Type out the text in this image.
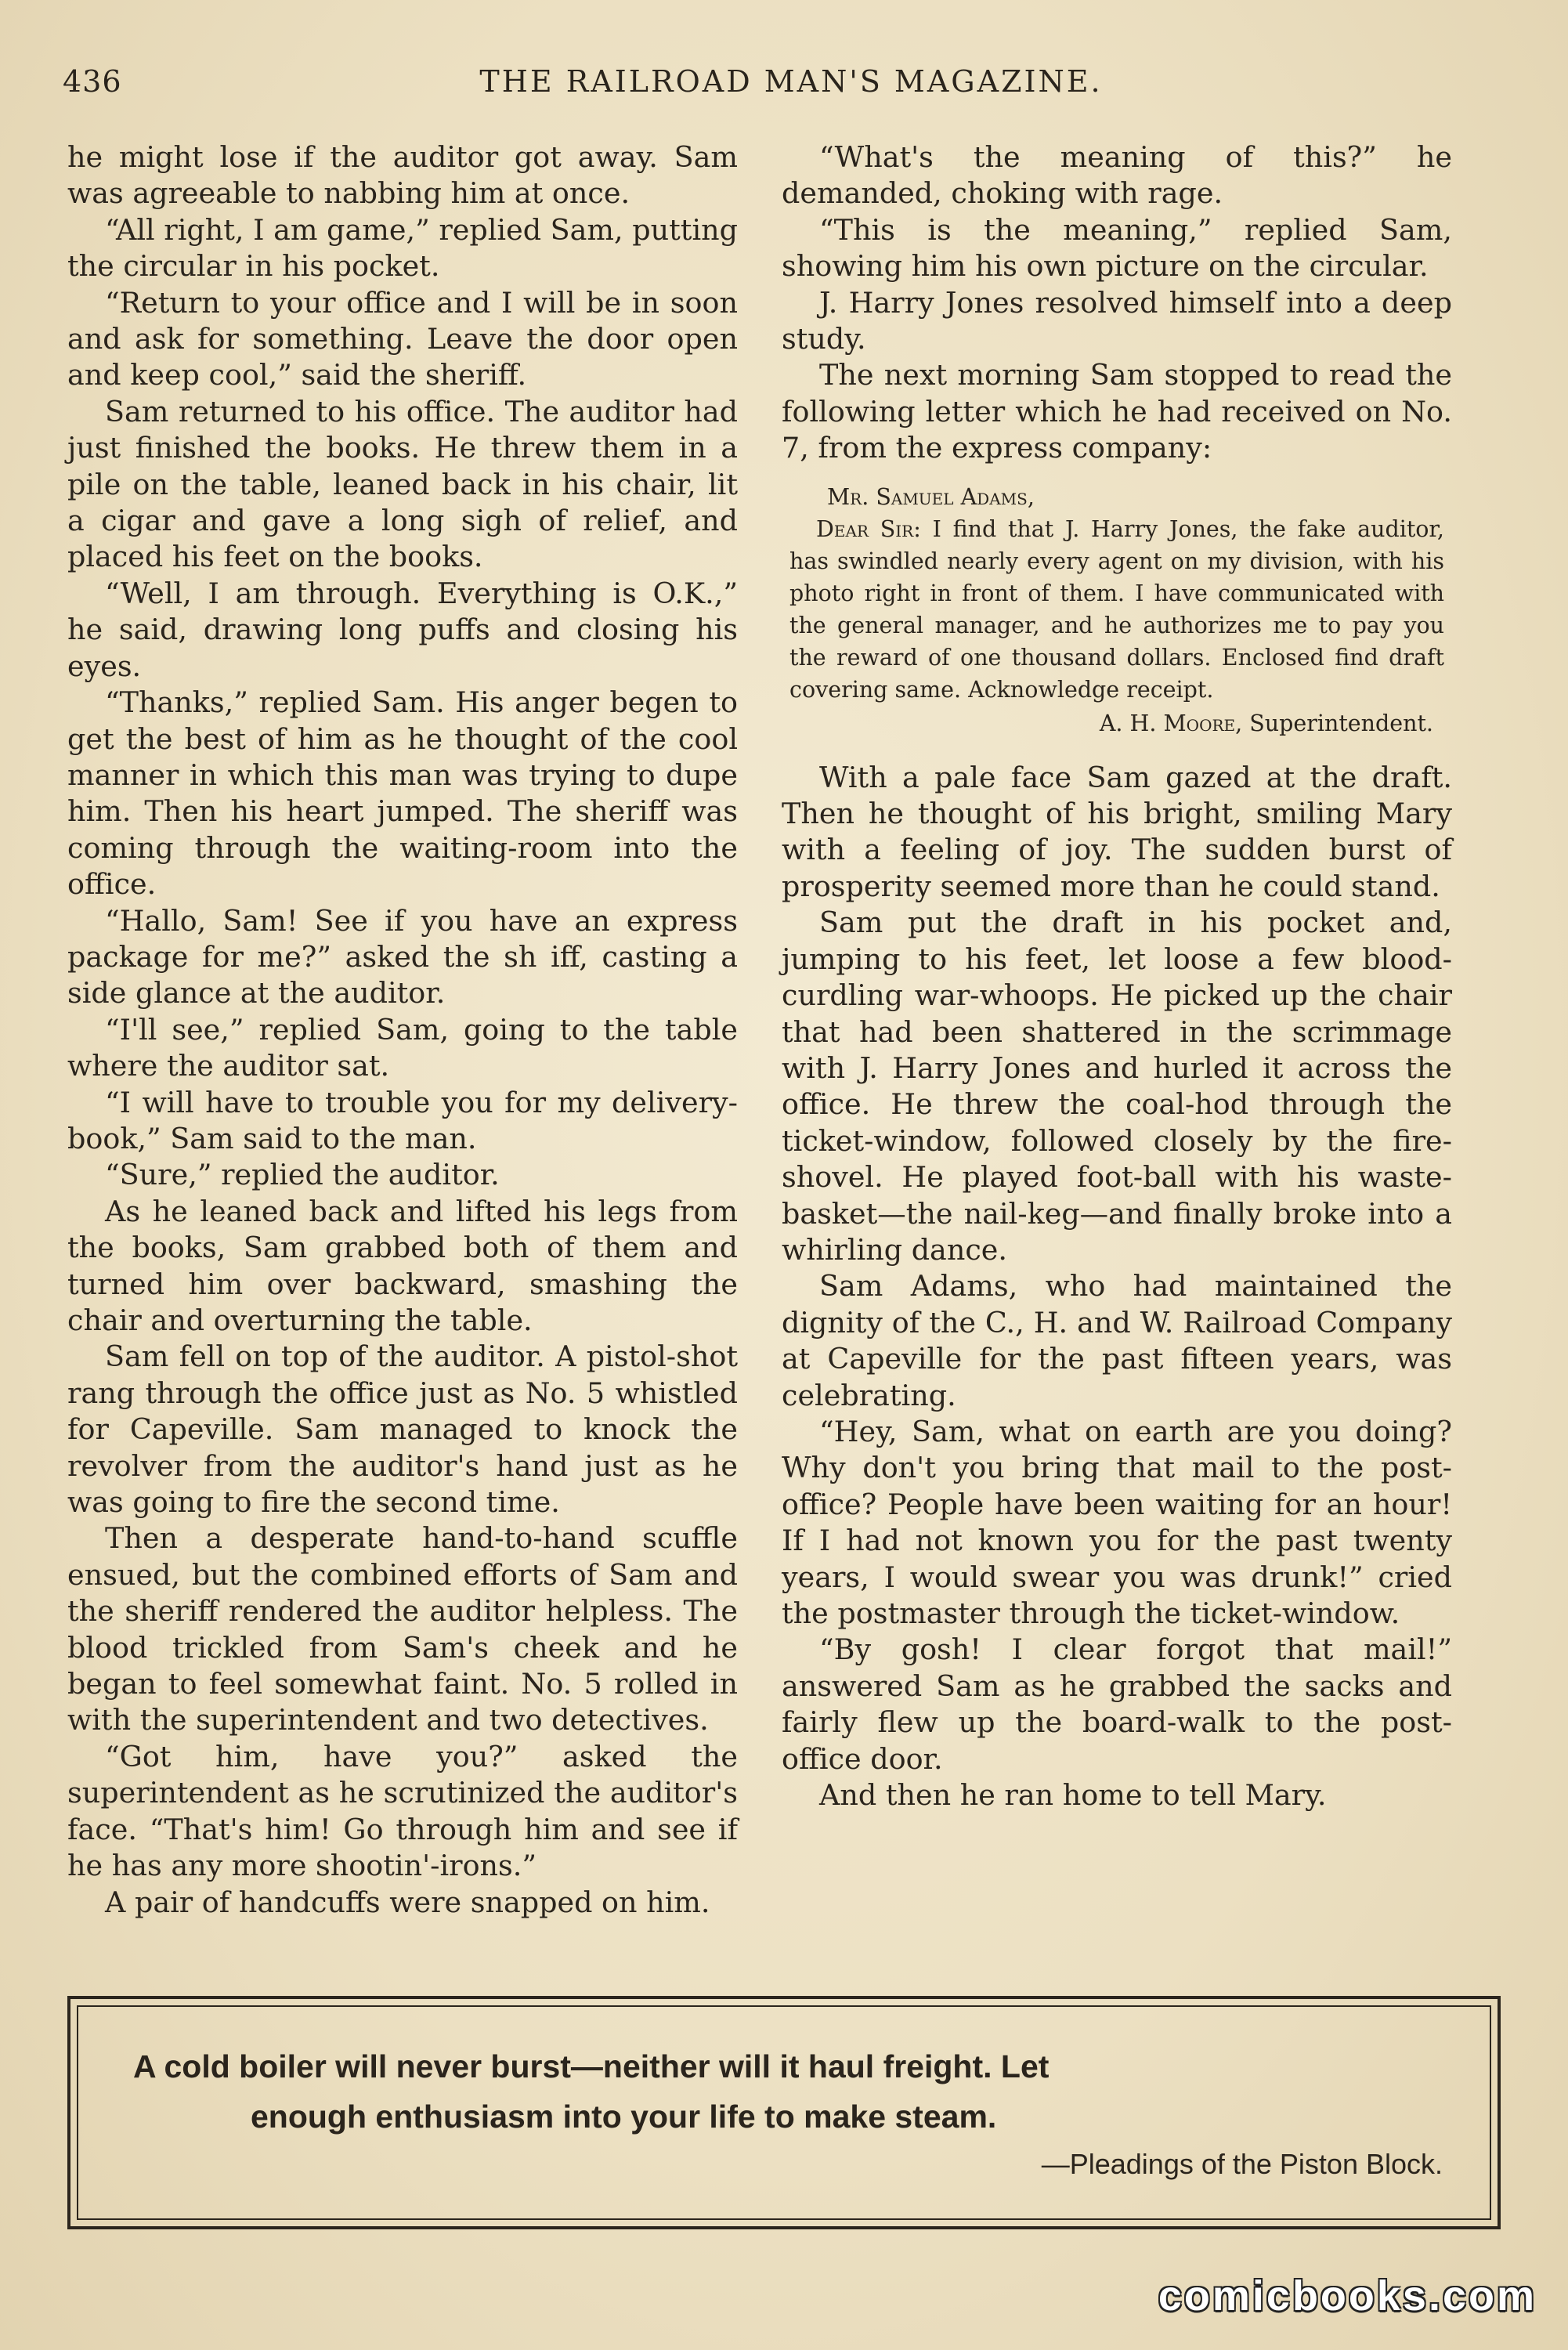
436	THE RAILROAD MAN'S MAGAZINE.

he might lose if the auditor got away. Sam was agreeable to nabbing him at once.

“All right, I am game,” replied Sam, putting the circular in his pocket.

“Return to your office and I will be in soon and ask for something. Leave the door open and keep cool,” said the sheriff.

Sam returned to his office. The auditor had just finished the books. He threw them in a pile on the table, leaned back in his chair, lit a cigar and gave a long sigh of relief, and placed his feet on the books.

“Well, I am through. Everything is O.K.,” he said, drawing long puffs and closing his eyes.

“Thanks,” replied Sam. His anger begen to get the best of him as he thought of the cool manner in which this man was trying to dupe him. Then his heart jumped. The sheriff was coming through the waiting-room into the office.

“Hallo, Sam! See if you have an express package for me?” asked the sh iff, casting a side glance at the auditor.

“I'll see,” replied Sam, going to the table where the auditor sat.

“I will have to trouble you for my delivery-book,” Sam said to the man.

“Sure,” replied the auditor.

As he leaned back and lifted his legs from the books, Sam grabbed both of them and turned him over backward, smashing the chair and overturning the table.

Sam fell on top of the auditor. A pistol-shot rang through the office just as No. 5 whistled for Capeville. Sam managed to knock the revolver from the auditor's hand just as he was going to fire the second time.

Then a desperate hand-to-hand scuffle ensued, but the combined efforts of Sam and the sheriff rendered the auditor helpless. The blood trickled from Sam's cheek and he began to feel somewhat faint. No. 5 rolled in with the superintendent and two detectives.

“Got him, have you?” asked the superintendent as he scrutinized the auditor's face. “That's him! Go through him and see if he has any more shootin'-irons.”

A pair of handcuffs were snapped on him.

“What's the meaning of this?” he demanded, choking with rage.

“This is the meaning,” replied Sam, showing him his own picture on the circular.

J. Harry Jones resolved himself into a deep study.

The next morning Sam stopped to read the following letter which he had received on No. 7, from the express company:

Mr. Samuel Adams,

Dear Sir: I find that J. Harry Jones, the fake auditor, has swindled nearly every agent on my division, with his photo right in front of them. I have communicated with the general manager, and he authorizes me to pay you the reward of one thousand dollars. Enclosed find draft covering same. Acknowledge receipt.

A. H. Moore, Superintendent.

With a pale face Sam gazed at the draft. Then he thought of his bright, smiling Mary with a feeling of joy. The sudden burst of prosperity seemed more than he could stand.

Sam put the draft in his pocket and, jumping to his feet, let loose a few blood-curdling war-whoops. He picked up the chair that had been shattered in the scrimmage with J. Harry Jones and hurled it across the office. He threw the coal-hod through the ticket-window, followed closely by the fire-shovel. He played foot-ball with his waste-basket—the nail-keg—and finally broke into a whirling dance.

Sam Adams, who had maintained the dignity of the C., H. and W. Railroad Company at Capeville for the past fifteen years, was celebrating.

“Hey, Sam, what on earth are you doing? Why don't you bring that mail to the post-office? People have been waiting for an hour! If I had not known you for the past twenty years, I would swear you was drunk!” cried the postmaster through the ticket-window.

“By gosh! I clear forgot that mail!” answered Sam as he grabbed the sacks and fairly flew up the board-walk to the post-office door.

And then he ran home to tell Mary.

A cold boiler will never burst—neither will it haul freight. Let
enough enthusiasm into your life to make steam.
—Pleadings of the Piston Block.
comicbooks.com
